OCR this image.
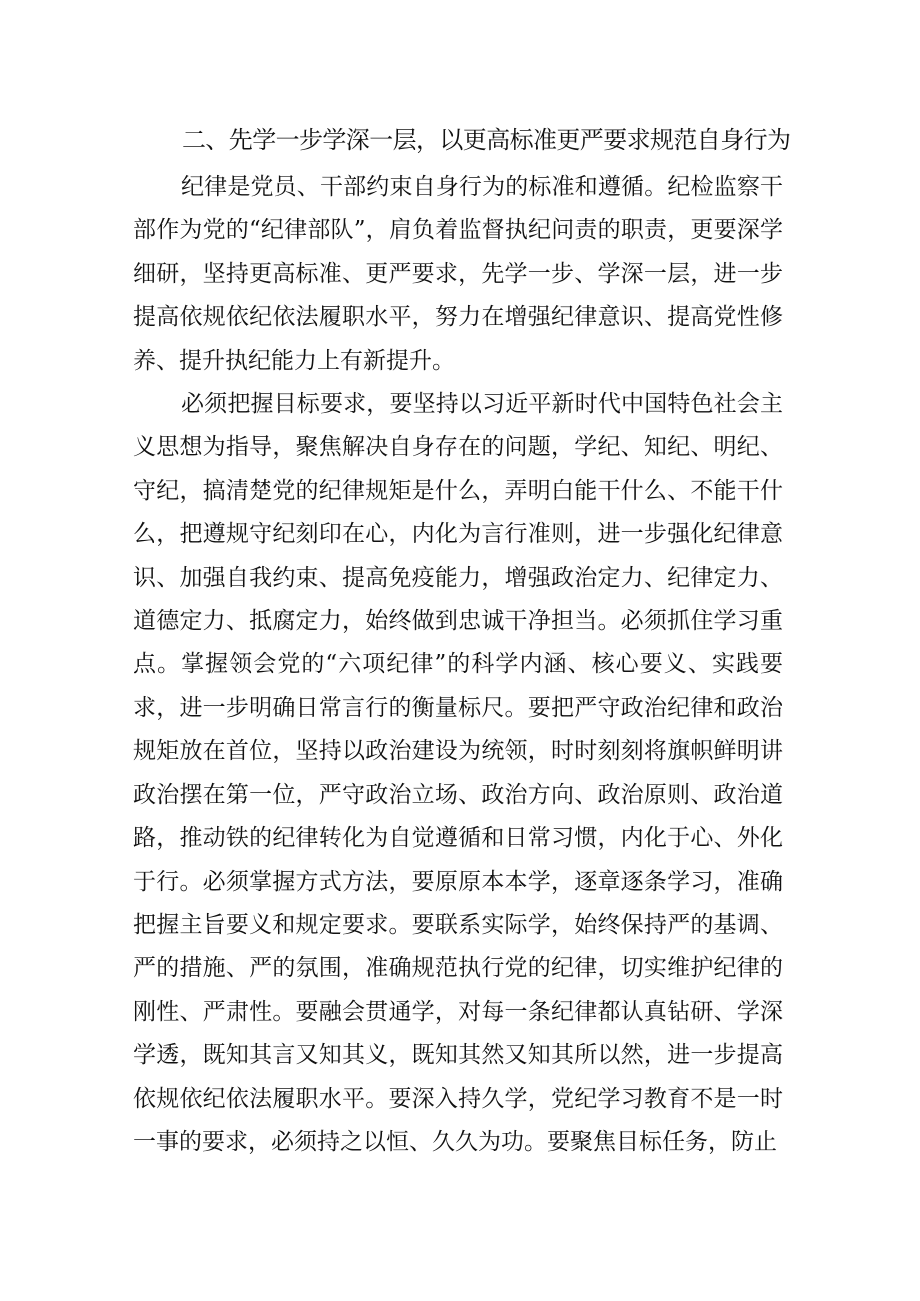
二、先学一步学深一层，以更高标准更严要求规范自身行为

纪律是党员、干部约束自身行为的标准和遵循。纪检监察干部作为党的“纪律部队”，肩负着监督执纪问责的职责，更要深学细研，坚持更高标准、更严要求，先学一步、学深一层，进一步提高依规依纪依法履职水平，努力在增强纪律意识、提高党性修养、提升执纪能力上有新提升。

必须把握目标要求，要坚持以习近平新时代中国特色社会主义思想为指导，聚焦解决自身存在的问题，学纪、知纪、明纪、守纪，搞清楚党的纪律规矩是什么，弄明白能干什么、不能干什么，把遵规守纪刻印在心，内化为言行准则，进一步强化纪律意识、加强自我约束、提高免疫能力，增强政治定力、纪律定力、道德定力、抵腐定力，始终做到忠诚干净担当。必须抓住学习重点。掌握领会党的“六项纪律”的科学内涵、核心要义、实践要求，进一步明确日常言行的衡量标尺。要把严守政治纪律和政治规矩放在首位，坚持以政治建设为统领，时时刻刻将旗帜鲜明讲政治摆在第一位，严守政治立场、政治方向、政治原则、政治道路，推动铁的纪律转化为自觉遵循和日常习惯，内化于心、外化于行。必须掌握方式方法，要原原本本学，逐章逐条学习，准确把握主旨要义和规定要求。要联系实际学，始终保持严的基调、严的措施、严的氛围，准确规范执行党的纪律，切实维护纪律的刚性、严肃性。要融会贯通学，对每一条纪律都认真钻研、学深学透，既知其言又知其义，既知其然又知其所以然，进一步提高依规依纪依法履职水平。要深入持久学，党纪学习教育不是一时一事的要求，必须持之以恒、久久为功。要聚焦目标任务，防止
